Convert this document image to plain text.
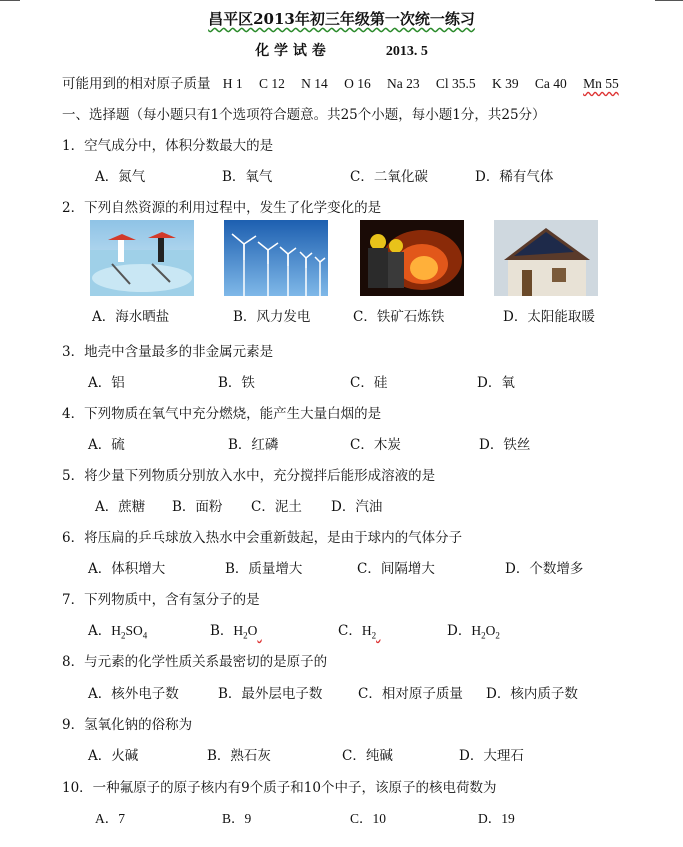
昌平区2013年初三年级第一次统一练习
化 学 试 卷	2013. 5
可能用到的相对原子质量 H 1 C 12 N 14 O 16 Na 23 Cl 35.5 K 39 Ca 40 Mn 55
一、选择题（每小题只有1个选项符合题意。共25个小题，每小题1分，共25分）
1．空气成分中，体积分数最大的是
A．氮气	B．氧气	C．二氧化碳	D．稀有气体
2．下列自然资源的利用过程中，发生了化学变化的是
A．海水晒盐	B．风力发电	C．铁矿石炼铁	D．太阳能取暖
3．地壳中含量最多的非金属元素是
A．铝	B．铁	C．硅	D．氧
4．下列物质在氧气中充分燃烧，能产生大量白烟的是
A．硫	B．红磷	C．木炭	D．铁丝
5．将少量下列物质分别放入水中，充分搅拌后能形成溶液的是
A．蔗糖 B．面粉 C．泥土 D．汽油
6．将压扁的乒乓球放入热水中会重新鼓起，是由于球内的气体分子
A．体积增大	B．质量增大	C．间隔增大	D．个数增多
7．下列物质中，含有氢分子的是
A．$H_2SO_4$	B．$H_2O$	C．$H_2$	D．$H_2O_2$
8．与元素的化学性质关系最密切的是原子的
A．核外电子数	B．最外层电子数	C．相对原子质量 D．核内质子数
9．氢氧化钠的俗称为
A．火碱	B．熟石灰	C．纯碱	D．大理石
10．一种氟原子的原子核内有9个质子和10个中子，该原子的核电荷数为
A．7	B．9	C．10	D．19
